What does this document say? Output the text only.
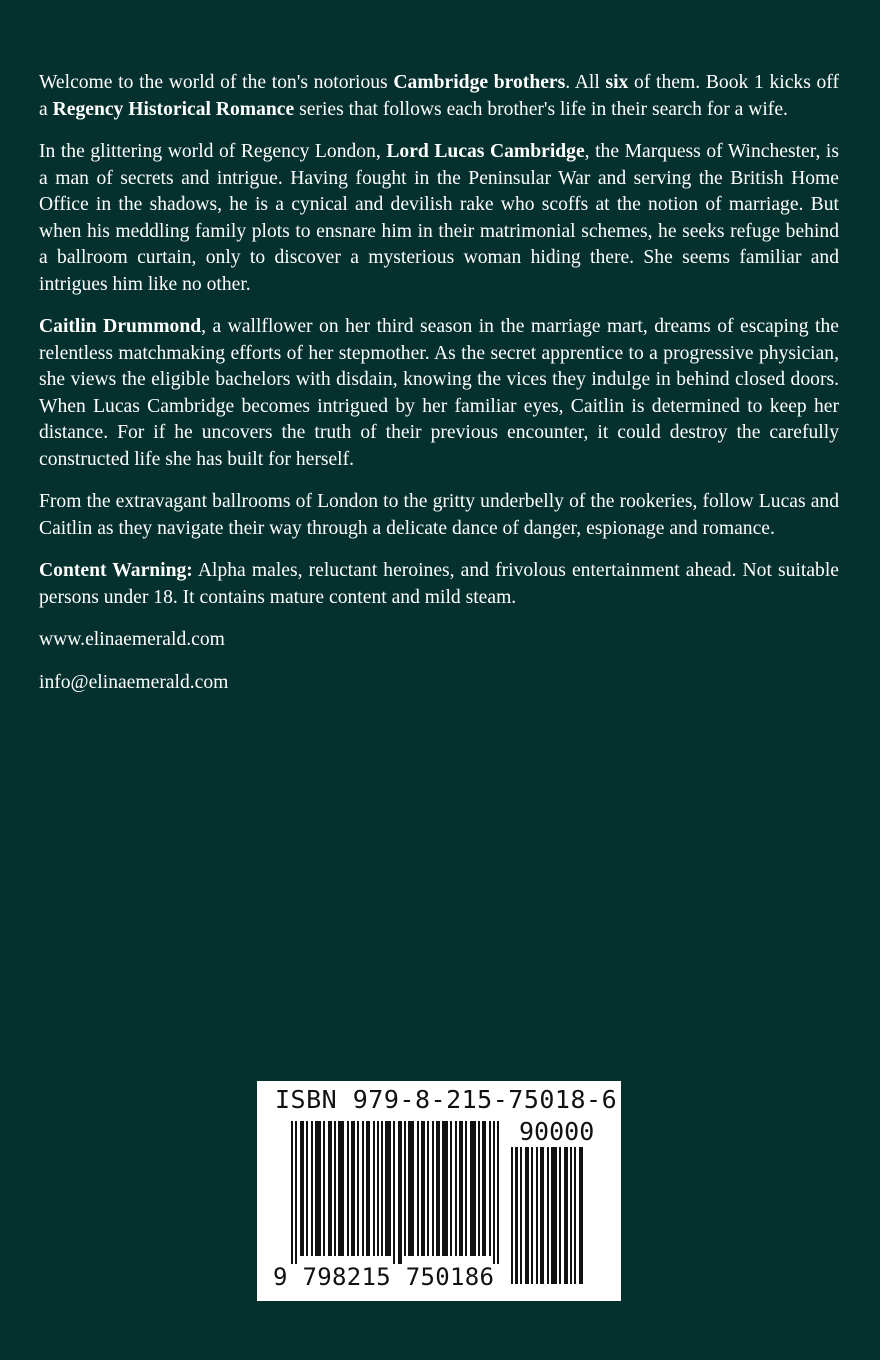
Welcome to the world of the ton's notorious Cambridge brothers. All six of them. Book 1 kicks off a Regency Historical Romance series that follows each brother's life in their search for a wife.

In the glittering world of Regency London, Lord Lucas Cambridge, the Marquess of Winchester, is a man of secrets and intrigue. Having fought in the Peninsular War and serving the British Home Office in the shadows, he is a cynical and devilish rake who scoffs at the notion of marriage. But when his meddling family plots to ensnare him in their matrimonial schemes, he seeks refuge behind a ballroom curtain, only to discover a mysterious woman hiding there. She seems familiar and intrigues him like no other.

Caitlin Drummond, a wallflower on her third season in the marriage mart, dreams of escaping the relentless matchmaking efforts of her stepmother. As the secret apprentice to a progressive physician, she views the eligible bachelors with disdain, knowing the vices they indulge in behind closed doors. When Lucas Cambridge becomes intrigued by her familiar eyes, Caitlin is determined to keep her distance. For if he uncovers the truth of their previous encounter, it could destroy the carefully constructed life she has built for herself.

From the extravagant ballrooms of London to the gritty underbelly of the rookeries, follow Lucas and Caitlin as they navigate their way through a delicate dance of danger, espionage and romance.

Content Warning: Alpha males, reluctant heroines, and frivolous entertainment ahead. Not suitable persons under 18. It contains mature content and mild steam.

www.elinaemerald.com

info@elinaemerald.com

ISBN 979-8-215-75018-6
90000
9 798215 750186
